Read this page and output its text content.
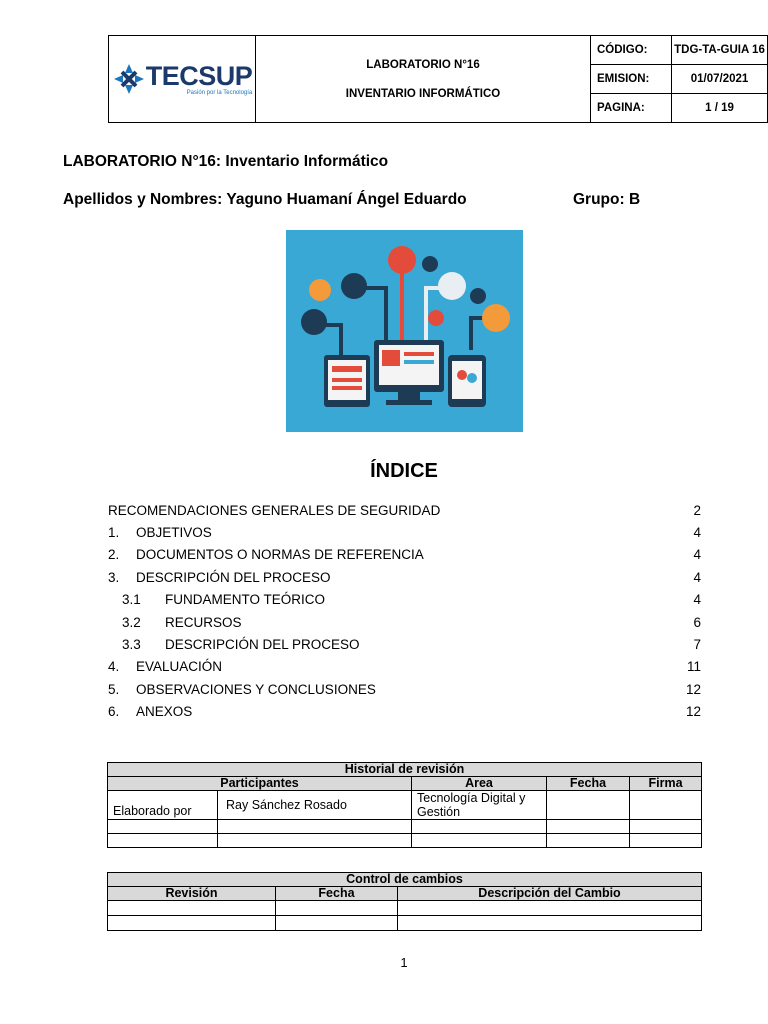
TECSUP
Pasión por la Tecnología	LABORATORIO N°16
INVENTARIO INFORMÁTICO	CÓDIGO:	TDG-TA-GUIA 16
		EMISION:	01/07/2021
		PAGINA:	1 / 19
LABORATORIO N°16: Inventario Informático
Apellidos y Nombres: Yaguno Huamaní Ángel Eduardo	Grupo: B
ÍNDICE
RECOMENDACIONES GENERALES DE SEGURIDAD	2
1. OBJETIVOS	4
2. DOCUMENTOS O NORMAS DE REFERENCIA	4
3. DESCRIPCIÓN DEL PROCESO	4
3.1 FUNDAMENTO TEÓRICO	4
3.2 RECURSOS	6
3.3 DESCRIPCIÓN DEL PROCESO	7
4. EVALUACIÓN	11
5. OBSERVACIONES Y CONCLUSIONES	12
6. ANEXOS	12
Historial de revisión				
Participantes		Area	Fecha	Firma
Elaborado por	Ray Sánchez Rosado	Tecnología Digital y Gestión		

Control de cambios		
Revisión	Fecha	Descripción del Cambio

1
